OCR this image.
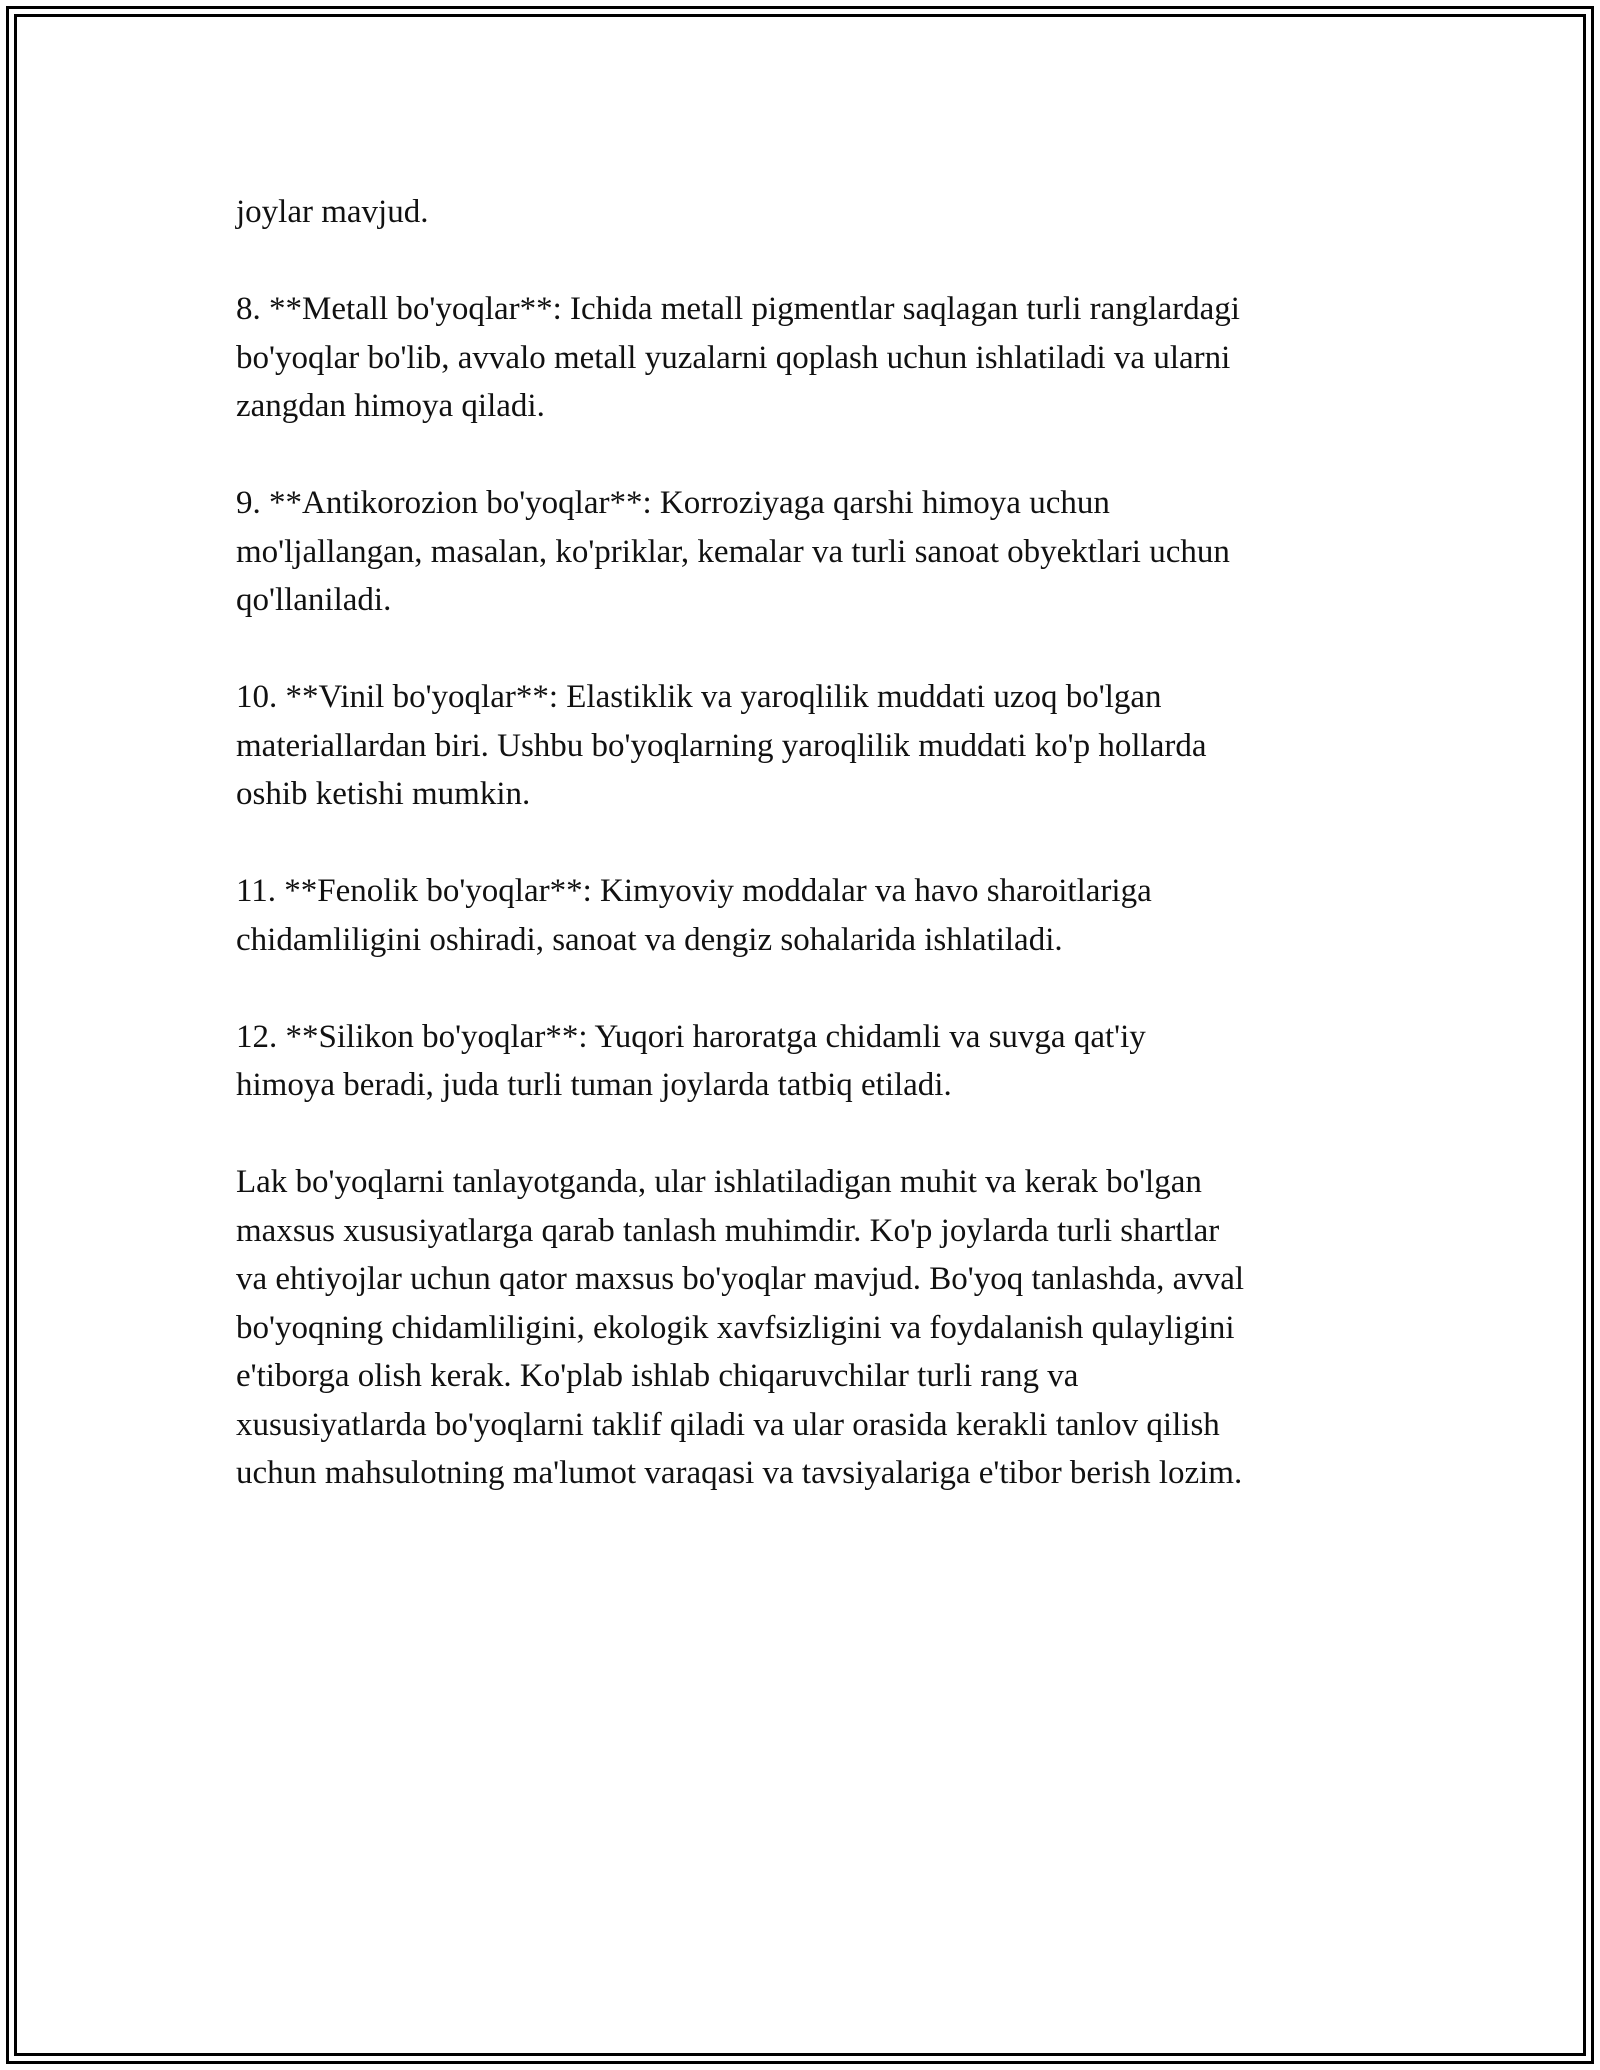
joylar mavjud.

8. **Metall bo'yoqlar**: Ichida metall pigmentlar saqlagan turli ranglardagi
bo'yoqlar bo'lib, avvalo metall yuzalarni qoplash uchun ishlatiladi va ularni
zangdan himoya qiladi.

9. **Antikorozion bo'yoqlar**: Korroziyaga qarshi himoya uchun
mo'ljallangan, masalan, ko'priklar, kemalar va turli sanoat obyektlari uchun
qo'llaniladi.

10. **Vinil bo'yoqlar**: Elastiklik va yaroqlilik muddati uzoq bo'lgan
materiallardan biri. Ushbu bo'yoqlarning yaroqlilik muddati ko'p hollarda
oshib ketishi mumkin.

11. **Fenolik bo'yoqlar**: Kimyoviy moddalar va havo sharoitlariga
chidamliligini oshiradi, sanoat va dengiz sohalarida ishlatiladi.

12. **Silikon bo'yoqlar**: Yuqori haroratga chidamli va suvga qat'iy
himoya beradi, juda turli tuman joylarda tatbiq etiladi.

Lak bo'yoqlarni tanlayotganda, ular ishlatiladigan muhit va kerak bo'lgan
maxsus xususiyatlarga qarab tanlash muhimdir. Ko'p joylarda turli shartlar
va ehtiyojlar uchun qator maxsus bo'yoqlar mavjud. Bo'yoq tanlashda, avval
bo'yoqning chidamliligini, ekologik xavfsizligini va foydalanish qulayligini
e'tiborga olish kerak. Ko'plab ishlab chiqaruvchilar turli rang va
xususiyatlarda bo'yoqlarni taklif qiladi va ular orasida kerakli tanlov qilish
uchun mahsulotning ma'lumot varaqasi va tavsiyalariga e'tibor berish lozim.
